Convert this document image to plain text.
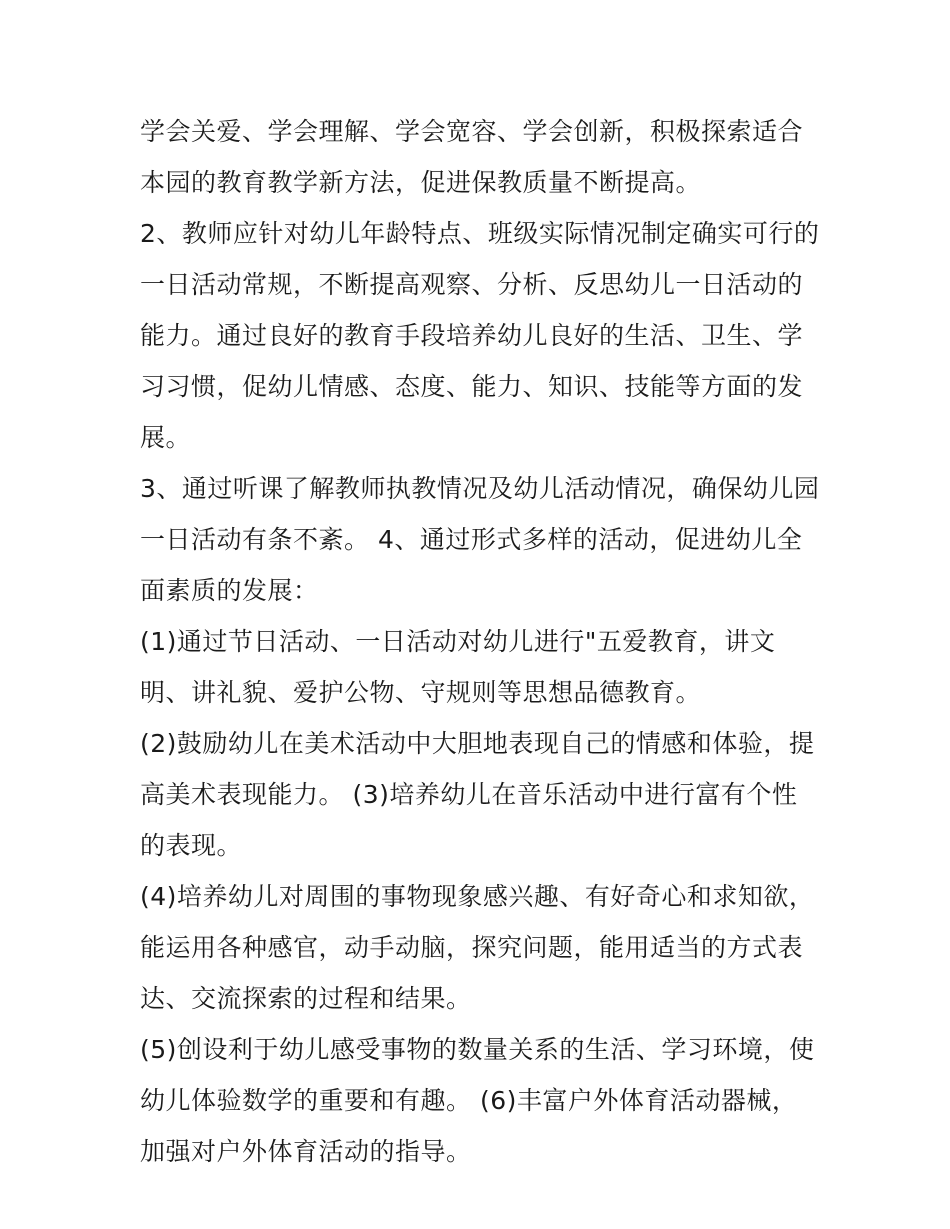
学会关爱、学会理解、学会宽容、学会创新，积极探索适合本园的教育教学新方法，促进保教质量不断提高。

2、教师应针对幼儿年龄特点、班级实际情况制定确实可行的一日活动常规，不断提高观察、分析、反思幼儿一日活动的能力。通过良好的教育手段培养幼儿良好的生活、卫生、学习习惯，促幼儿情感、态度、能力、知识、技能等方面的发展。

3、通过听课了解教师执教情况及幼儿活动情况，确保幼儿园一日活动有条不紊。 4、通过形式多样的活动，促进幼儿全面素质的发展：

(1)通过节日活动、一日活动对幼儿进行"五爱教育，讲文明、讲礼貌、爱护公物、守规则等思想品德教育。

(2)鼓励幼儿在美术活动中大胆地表现自己的情感和体验，提高美术表现能力。 (3)培养幼儿在音乐活动中进行富有个性的表现。

(4)培养幼儿对周围的事物现象感兴趣、有好奇心和求知欲，能运用各种感官，动手动脑，探究问题，能用适当的方式表达、交流探索的过程和结果。

(5)创设利于幼儿感受事物的数量关系的生活、学习环境，使幼儿体验数学的重要和有趣。 (6)丰富户外体育活动器械，加强对户外体育活动的指导。
